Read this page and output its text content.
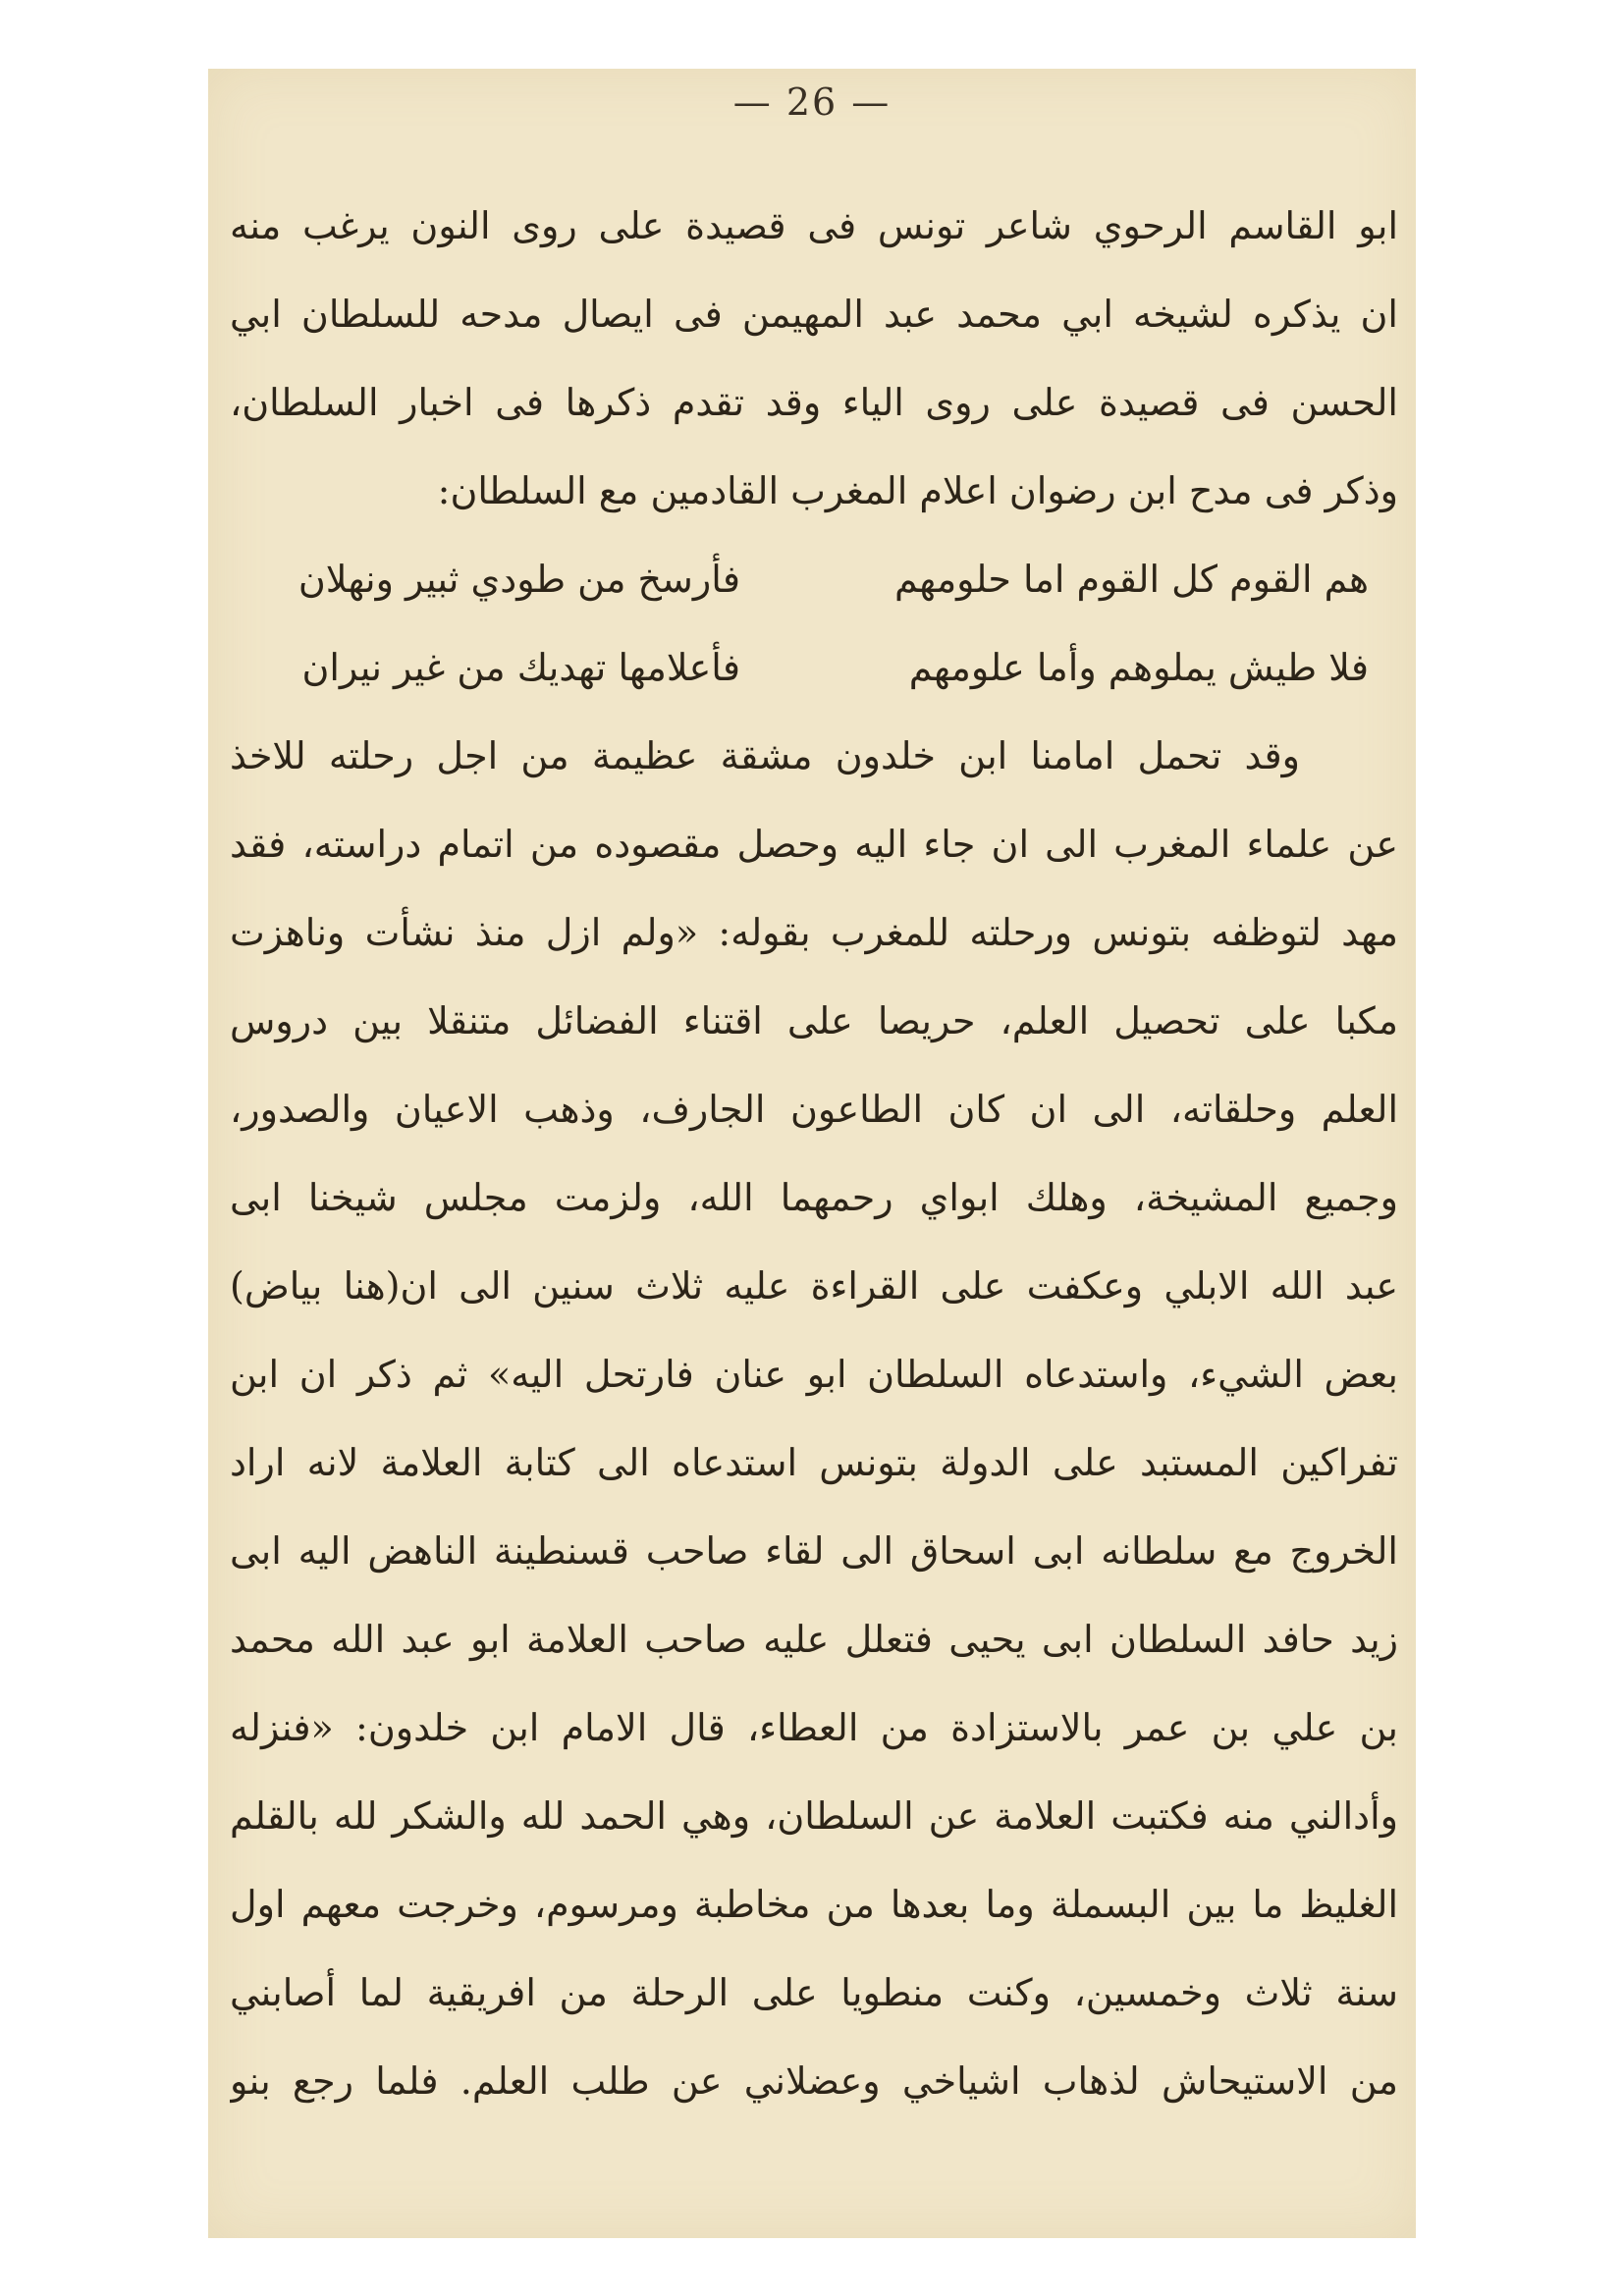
— 26 —
ابو القاسم الرحوي شاعر تونس فى قصيدة على روى النون يرغب منه
ان يذكره لشيخه ابي محمد عبد المهيمن فى ايصال مدحه للسلطان ابي
الحسن فى قصيدة على روى الياء وقد تقدم ذكرها فى اخبار السلطان،
وذكر فى مدح ابن رضوان اعلام المغرب القادمين مع السلطان:
هم القوم كل القوم اما حلومهم
فأرسخ من طودي ثبير ونهلان
فلا طيش يملوهم وأما علومهم
فأعلامها تهديك من غير نيران
وقد تحمل امامنا ابن خلدون مشقة عظيمة من اجل رحلته للاخذ
عن علماء المغرب الى ان جاء اليه وحصل مقصوده من اتمام دراسته، فقد
مهد لتوظفه بتونس ورحلته للمغرب بقوله: «ولم ازل منذ نشأت وناهزت
مكبا على تحصيل العلم، حريصا على اقتناء الفضائل متنقلا بين دروس
العلم وحلقاته، الى ان كان الطاعون الجارف، وذهب الاعيان والصدور،
وجميع المشيخة، وهلك ابواي رحمهما الله، ولزمت مجلس شيخنا ابى
عبد الله الابلي وعكفت على القراءة عليه ثلاث سنين الى ان(هنا بياض)
بعض الشيء، واستدعاه السلطان ابو عنان فارتحل اليه» ثم ذكر ان ابن
تفراكين المستبد على الدولة بتونس استدعاه الى كتابة العلامة لانه اراد
الخروج مع سلطانه ابى اسحاق الى لقاء صاحب قسنطينة الناهض اليه ابى
زيد حافد السلطان ابى يحيى فتعلل عليه صاحب العلامة ابو عبد الله محمد
بن علي بن عمر بالاستزادة من العطاء، قال الامام ابن خلدون: «فنزله
وأدالني منه فكتبت العلامة عن السلطان، وهي الحمد لله والشكر لله بالقلم
الغليظ ما بين البسملة وما بعدها من مخاطبة ومرسوم، وخرجت معهم اول
سنة ثلاث وخمسين، وكنت منطويا على الرحلة من افريقية لما أصابني
من الاستيحاش لذهاب اشياخي وعضلاني عن طلب العلم. فلما رجع بنو
